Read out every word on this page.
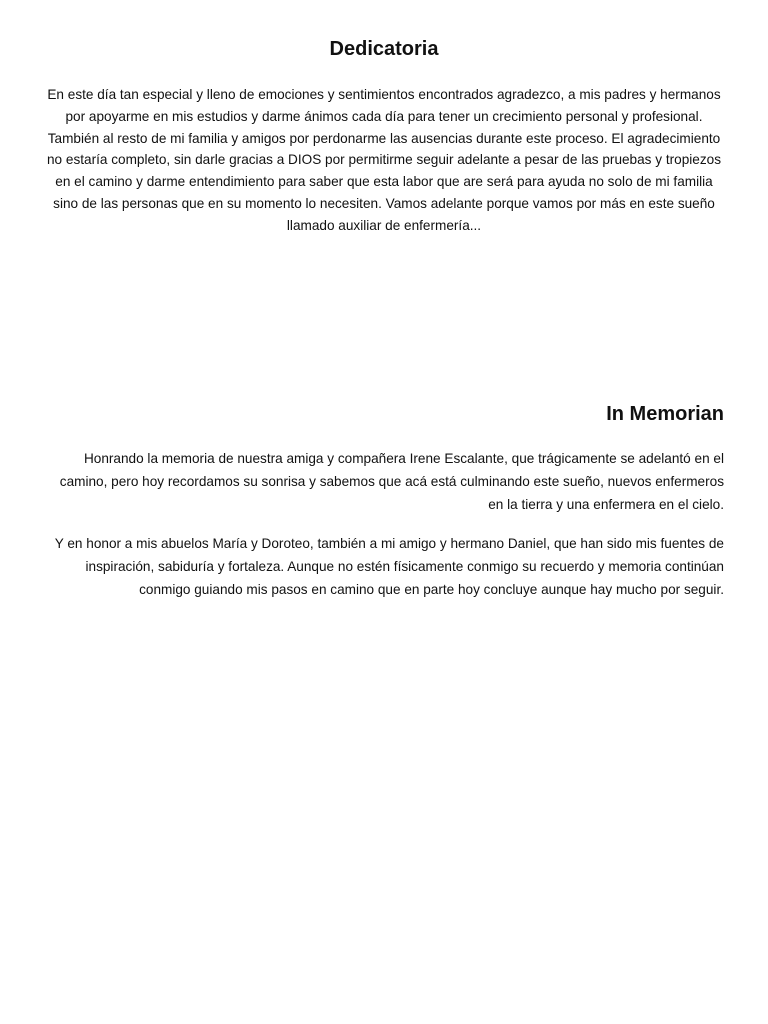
Dedicatoria

En este día tan especial y lleno de emociones y sentimientos encontrados agradezco, a mis padres y hermanos por apoyarme en mis estudios y darme ánimos cada día para tener un crecimiento personal y profesional. También al resto de mi familia y amigos por perdonarme las ausencias durante este proceso. El agradecimiento no estaría completo, sin darle gracias a DIOS por permitirme seguir adelante a pesar de las pruebas y tropiezos en el camino y darme entendimiento para saber que esta labor que are será para ayuda no solo de mi familia sino de las personas que en su momento lo necesiten. Vamos adelante porque vamos por más en este sueño llamado auxiliar de enfermería...

In Memorian

Honrando la memoria de nuestra amiga y compañera Irene Escalante, que trágicamente se adelantó en el camino, pero hoy recordamos su sonrisa y sabemos que acá está culminando este sueño, nuevos enfermeros en la tierra y una enfermera en el cielo.

Y en honor a mis abuelos María y Doroteo, también a mi amigo y hermano Daniel, que han sido mis fuentes de inspiración, sabiduría y fortaleza. Aunque no estén físicamente conmigo su recuerdo y memoria continúan conmigo guiando mis pasos en camino que en parte hoy concluye aunque hay mucho por seguir.
